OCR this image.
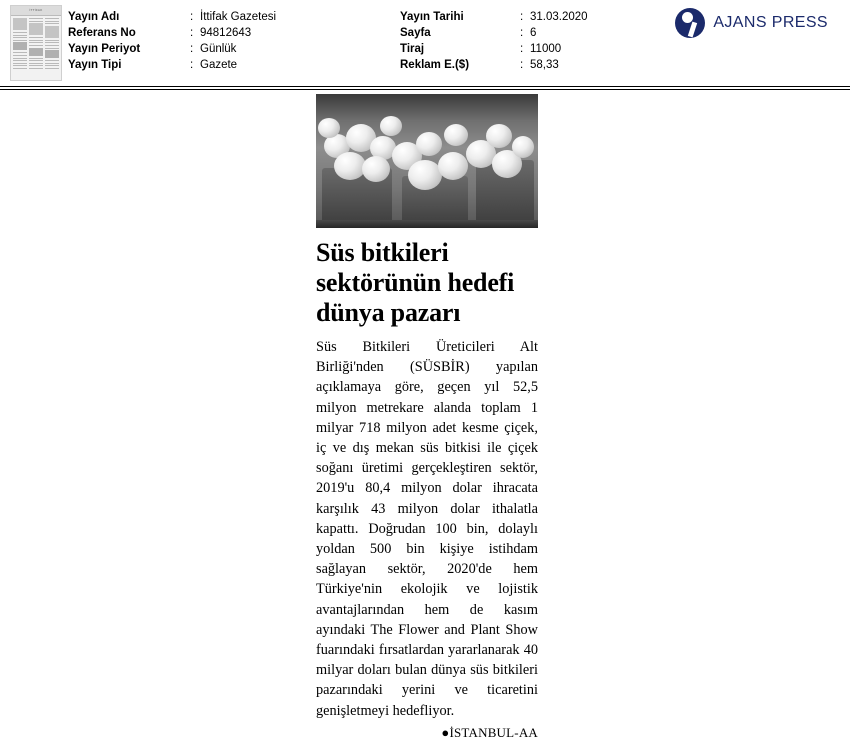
İTTİFAK
Yayın Adı	: İttifak Gazetesi
Referans No	: 94812643
Yayın Periyot	: Günlük
Yayın Tipi	: Gazete
Yayın Tarihi	: 31.03.2020
Sayfa	: 6
Tiraj	: 11000
Reklam E.($)	: 58,33
AJANS PRESS
Süs bitkileri sektörünün hedefi dünya pazarı
Süs Bitkileri Üreticileri Alt Birliği'nden (SÜSBİR) yapılan açıklamaya göre, geçen yıl 52,5 milyon metrekare alanda toplam 1 milyar 718 milyon adet kesme çiçek, iç ve dış mekan süs bitkisi ile çiçek soğanı üretimi gerçekleştiren sektör, 2019'u 80,4 milyon dolar ihracata karşılık 43 milyon dolar ithalatla kapattı. Doğrudan 100 bin, dolaylı yoldan 500 bin kişiye istihdam sağlayan sektör, 2020'de hem Türkiye'nin ekolojik ve lojistik avantajlarından hem de kasım ayındaki The Flower and Plant Show fuarındaki fırsatlardan yararlanarak 40 milyar doları bulan dünya süs bitkileri pazarındaki yerini ve ticaretini genişletmeyi hedefliyor.
●İSTANBUL-AA
